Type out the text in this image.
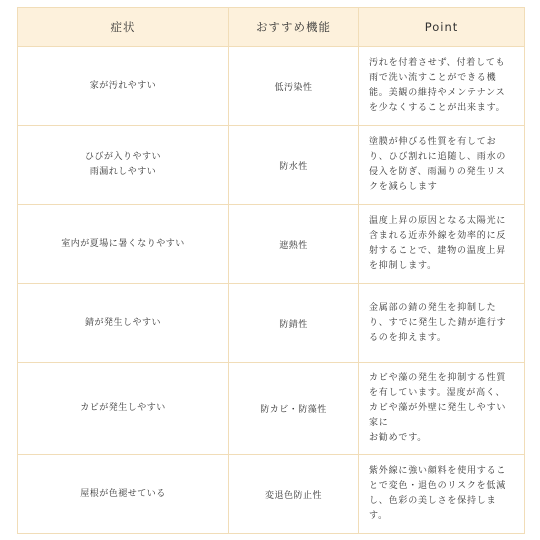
症状	おすすめ機能	Point

家が汚れやすい	低汚染性	汚れを付着させず、付着しても
雨で洗い流すことができる機
能。美観の維持やメンテナンス
を少なくすることが出来ます。

ひびが入りやすい
雨漏れしやすい	防水性	塗膜が伸びる性質を有してお
り、ひび割れに追随し、雨水の
侵入を防ぎ、雨漏りの発生リス
クを減らします

室内が夏場に暑くなりやすい	遮熱性	温度上昇の原因となる太陽光に
含まれる近赤外線を効率的に反
射することで、建物の温度上昇
を抑制します。

錆が発生しやすい	防錆性	金属部の錆の発生を抑制した
り、すでに発生した錆が進行す
るのを抑えます。

カビが発生しやすい	防カビ・防藻性	カビや藻の発生を抑制する性質
を有しています。湿度が高く、
カビや藻が外壁に発生しやすい
家に
お勧めです。

屋根が色褪せている	変退色防止性	紫外線に強い顔料を使用するこ
とで変色・退色のリスクを低減
し、色彩の美しさを保持しま
す。
